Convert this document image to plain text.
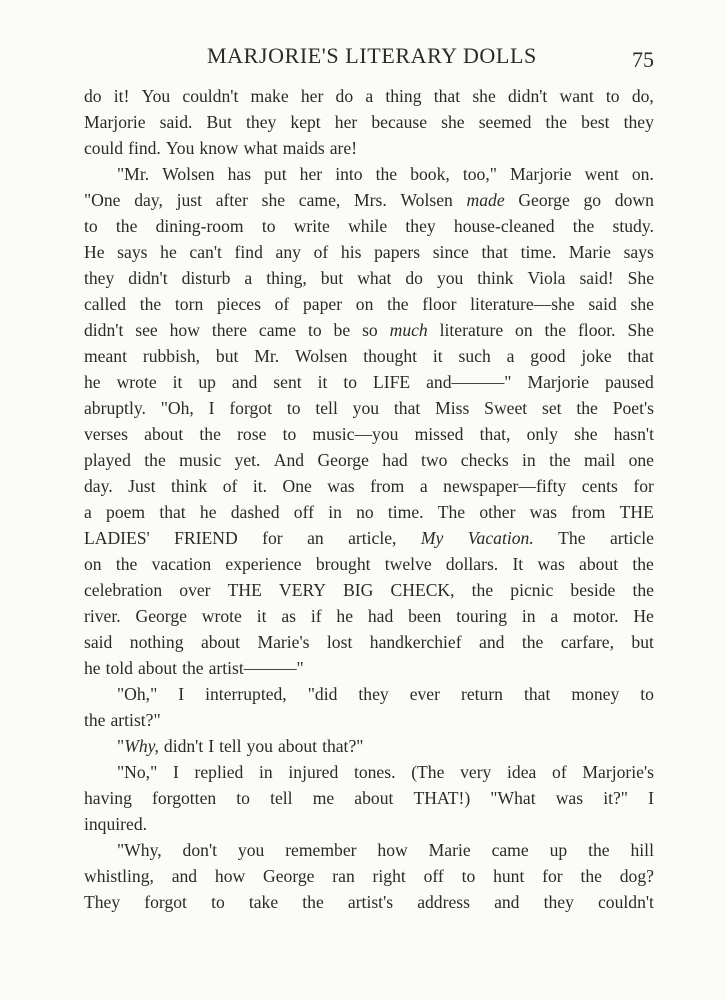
MARJORIE'S LITERARY DOLLS	75
do it! You couldn't make her do a thing that she didn't want to do,
Marjorie said. But they kept her because she seemed the best they
could find. You know what maids are!
"Mr. Wolsen has put her into the book, too," Marjorie went on.
"One day, just after she came, Mrs. Wolsen made George go down
to the dining-room to write while they house-cleaned the study.
He says he can't find any of his papers since that time. Marie says
they didn't disturb a thing, but what do you think Viola said! She
called the torn pieces of paper on the floor literature—she said she
didn't see how there came to be so much literature on the floor. She
meant rubbish, but Mr. Wolsen thought it such a good joke that
he wrote it up and sent it to LIFE and———" Marjorie paused
abruptly. "Oh, I forgot to tell you that Miss Sweet set the Poet's
verses about the rose to music—you missed that, only she hasn't
played the music yet. And George had two checks in the mail one
day. Just think of it. One was from a newspaper—fifty cents for
a poem that he dashed off in no time. The other was from THE
LADIES' FRIEND for an article, My Vacation. The article
on the vacation experience brought twelve dollars. It was about the
celebration over THE VERY BIG CHECK, the picnic beside the
river. George wrote it as if he had been touring in a motor. He
said nothing about Marie's lost handkerchief and the carfare, but
he told about the artist———"
"Oh," I interrupted, "did they ever return that money to
the artist?"
"Why, didn't I tell you about that?"
"No," I replied in injured tones. (The very idea of Marjorie's
having forgotten to tell me about THAT!) "What was it?" I
inquired.
"Why, don't you remember how Marie came up the hill
whistling, and how George ran right off to hunt for the dog?
They forgot to take the artist's address and they couldn't
